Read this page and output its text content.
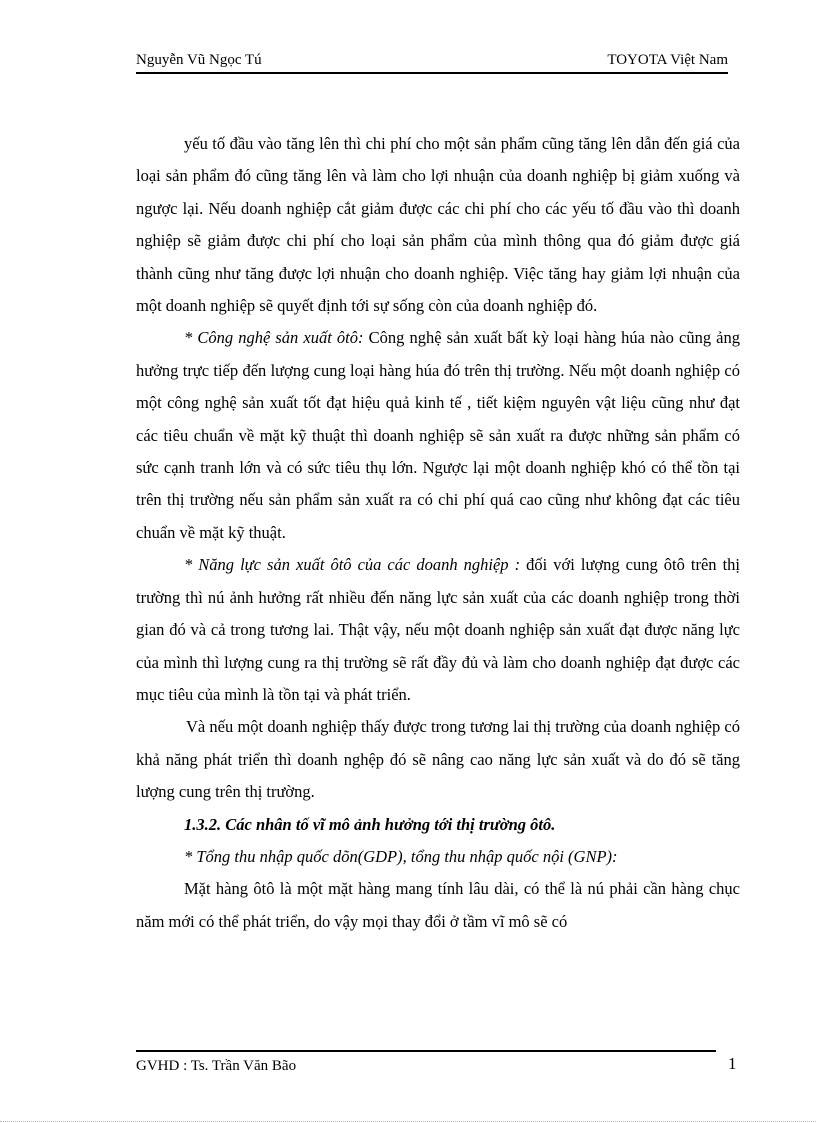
Nguyễn Vũ Ngọc Tú	TOYOTA Việt Nam

yếu tố đầu vào tăng lên thì chi phí cho một sản phẩm cũng tăng lên dẫn đến giá của loại sản phẩm đó cũng tăng lên và làm cho lợi nhuận của doanh nghiệp bị giảm xuống và ngược lại. Nếu doanh nghiệp cắt giảm được các chi phí cho các yếu tố đầu vào thì doanh nghiệp sẽ giảm được chi phí cho loại sản phẩm của mình thông qua đó giảm được giá thành cũng như tăng được lợi nhuận cho doanh nghiệp. Việc tăng hay giảm lợi nhuận của một doanh nghiệp sẽ quyết định tới sự sống còn của doanh nghiệp đó.

* Công nghệ sản xuất ôtô: Công nghệ sản xuất bất kỳ loại hàng húa nào cũng ảng hưởng trực tiếp đến lượng cung loại hàng húa đó trên thị trường. Nếu một doanh nghiệp có một công nghệ sản xuất tốt đạt hiệu quả kinh tế , tiết kiệm nguyên vật liệu cũng như đạt các tiêu chuẩn về mặt kỹ thuật thì doanh nghiệp sẽ sản xuất ra được những sản phẩm có sức cạnh tranh lớn và có sức tiêu thụ lớn. Ngược lại một doanh nghiệp khó có thể tồn tại trên thị trường nếu sản phẩm sản xuất ra có chi phí quá cao cũng như không đạt các tiêu chuẩn về mặt kỹ thuật.

* Năng lực sản xuất ôtô của các doanh nghiệp : đối với lượng cung ôtô trên thị trường thì nú ảnh hưởng rất nhiều đến năng lực sản xuất của các doanh nghiệp trong thời gian đó và cả trong tương lai. Thật vậy, nếu một doanh nghiệp sản xuất đạt được năng lực của mình thì lượng cung ra thị trường sẽ rất đầy đủ và làm cho doanh nghiệp đạt được các mục tiêu của mình là tồn tại và phát triển.

Và nếu một doanh nghiệp thấy được trong tương lai thị trường của doanh nghiệp có khả năng phát triển thì doanh nghệp đó sẽ nâng cao năng lực sản xuất và do đó sẽ tăng lượng cung trên thị trường.

1.3.2. Các nhân tố vĩ mô ảnh hưởng tới thị trường ôtô.

* Tổng thu nhập quốc dõn(GDP), tổng thu nhập quốc nội (GNP):

Mặt hàng ôtô là một mặt hàng mang tính lâu dài, có thể là nú phải cần hàng chục năm mới có thể phát triển, do vậy mọi thay đổi ở tầm vĩ mô sẽ có

GVHD : Ts. Trần Văn Bão	1
